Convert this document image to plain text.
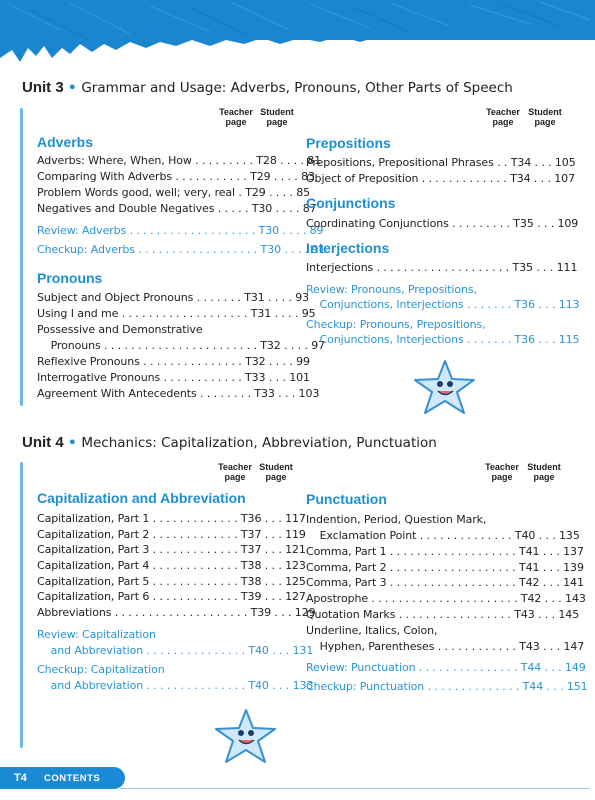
Unit 3 • Grammar and Usage: Adverbs, Pronouns, Other Parts of Speech
Teacher page
Student page
Teacher page
Student page
Adverbs
Adverbs: Where, When, How . . . . . . . . . T28 . . . . 81
Comparing With Adverbs . . . . . . . . . . . T29 . . . . 83
Problem Words good, well; very, real . T29 . . . . 85
Negatives and Double Negatives . . . . . T30 . . . . 87
Review: Adverbs . . . . . . . . . . . . . . . . . . . T30 . . . . 89
Checkup: Adverbs . . . . . . . . . . . . . . . . . . T30 . . . . 91
Pronouns
Subject and Object Pronouns . . . . . . . T31 . . . . 93
Using I and me . . . . . . . . . . . . . . . . . . . T31 . . . . 95
Possessive and Demonstrative
Pronouns . . . . . . . . . . . . . . . . . . . . . . . T32 . . . . 97
Reflexive Pronouns . . . . . . . . . . . . . . . T32 . . . . 99
Interrogative Pronouns . . . . . . . . . . . . T33 . . . 101
Agreement With Antecedents . . . . . . . . T33 . . . 103
Prepositions
Prepositions, Prepositional Phrases . . T34 . . . 105
Object of Preposition . . . . . . . . . . . . . T34 . . . 107
Conjunctions
Coordinating Conjunctions . . . . . . . . . T35 . . . 109
Interjections
Interjections . . . . . . . . . . . . . . . . . . . . T35 . . . 111
Review: Pronouns, Prepositions,
Conjunctions, Interjections . . . . . . . T36 . . . 113
Checkup: Pronouns, Prepositions,
Conjunctions, Interjections . . . . . . . T36 . . . 115
Unit 4 • Mechanics: Capitalization, Abbreviation, Punctuation
Teacher page
Student page
Teacher page
Student page
Capitalization and Abbreviation
Capitalization, Part 1 . . . . . . . . . . . . . T36 . . . 117
Capitalization, Part 2 . . . . . . . . . . . . . T37 . . . 119
Capitalization, Part 3 . . . . . . . . . . . . . T37 . . . 121
Capitalization, Part 4 . . . . . . . . . . . . . T38 . . . 123
Capitalization, Part 5 . . . . . . . . . . . . . T38 . . . 125
Capitalization, Part 6 . . . . . . . . . . . . . T39 . . . 127
Abbreviations . . . . . . . . . . . . . . . . . . . . T39 . . . 129
Review: Capitalization
and Abbreviation . . . . . . . . . . . . . . . T40 . . . 131
Checkup: Capitalization
and Abbreviation . . . . . . . . . . . . . . . T40 . . . 133
Punctuation
Indention, Period, Question Mark,
Exclamation Point . . . . . . . . . . . . . . T40 . . . 135
Comma, Part 1 . . . . . . . . . . . . . . . . . . . T41 . . . 137
Comma, Part 2 . . . . . . . . . . . . . . . . . . . T41 . . . 139
Comma, Part 3 . . . . . . . . . . . . . . . . . . . T42 . . . 141
Apostrophe . . . . . . . . . . . . . . . . . . . . . . T42 . . . 143
Quotation Marks . . . . . . . . . . . . . . . . . T43 . . . 145
Underline, Italics, Colon,
Hyphen, Parentheses . . . . . . . . . . . . T43 . . . 147
Review: Punctuation . . . . . . . . . . . . . . . T44 . . . 149
Checkup: Punctuation . . . . . . . . . . . . . . T44 . . . 151
T4 CONTENTS
